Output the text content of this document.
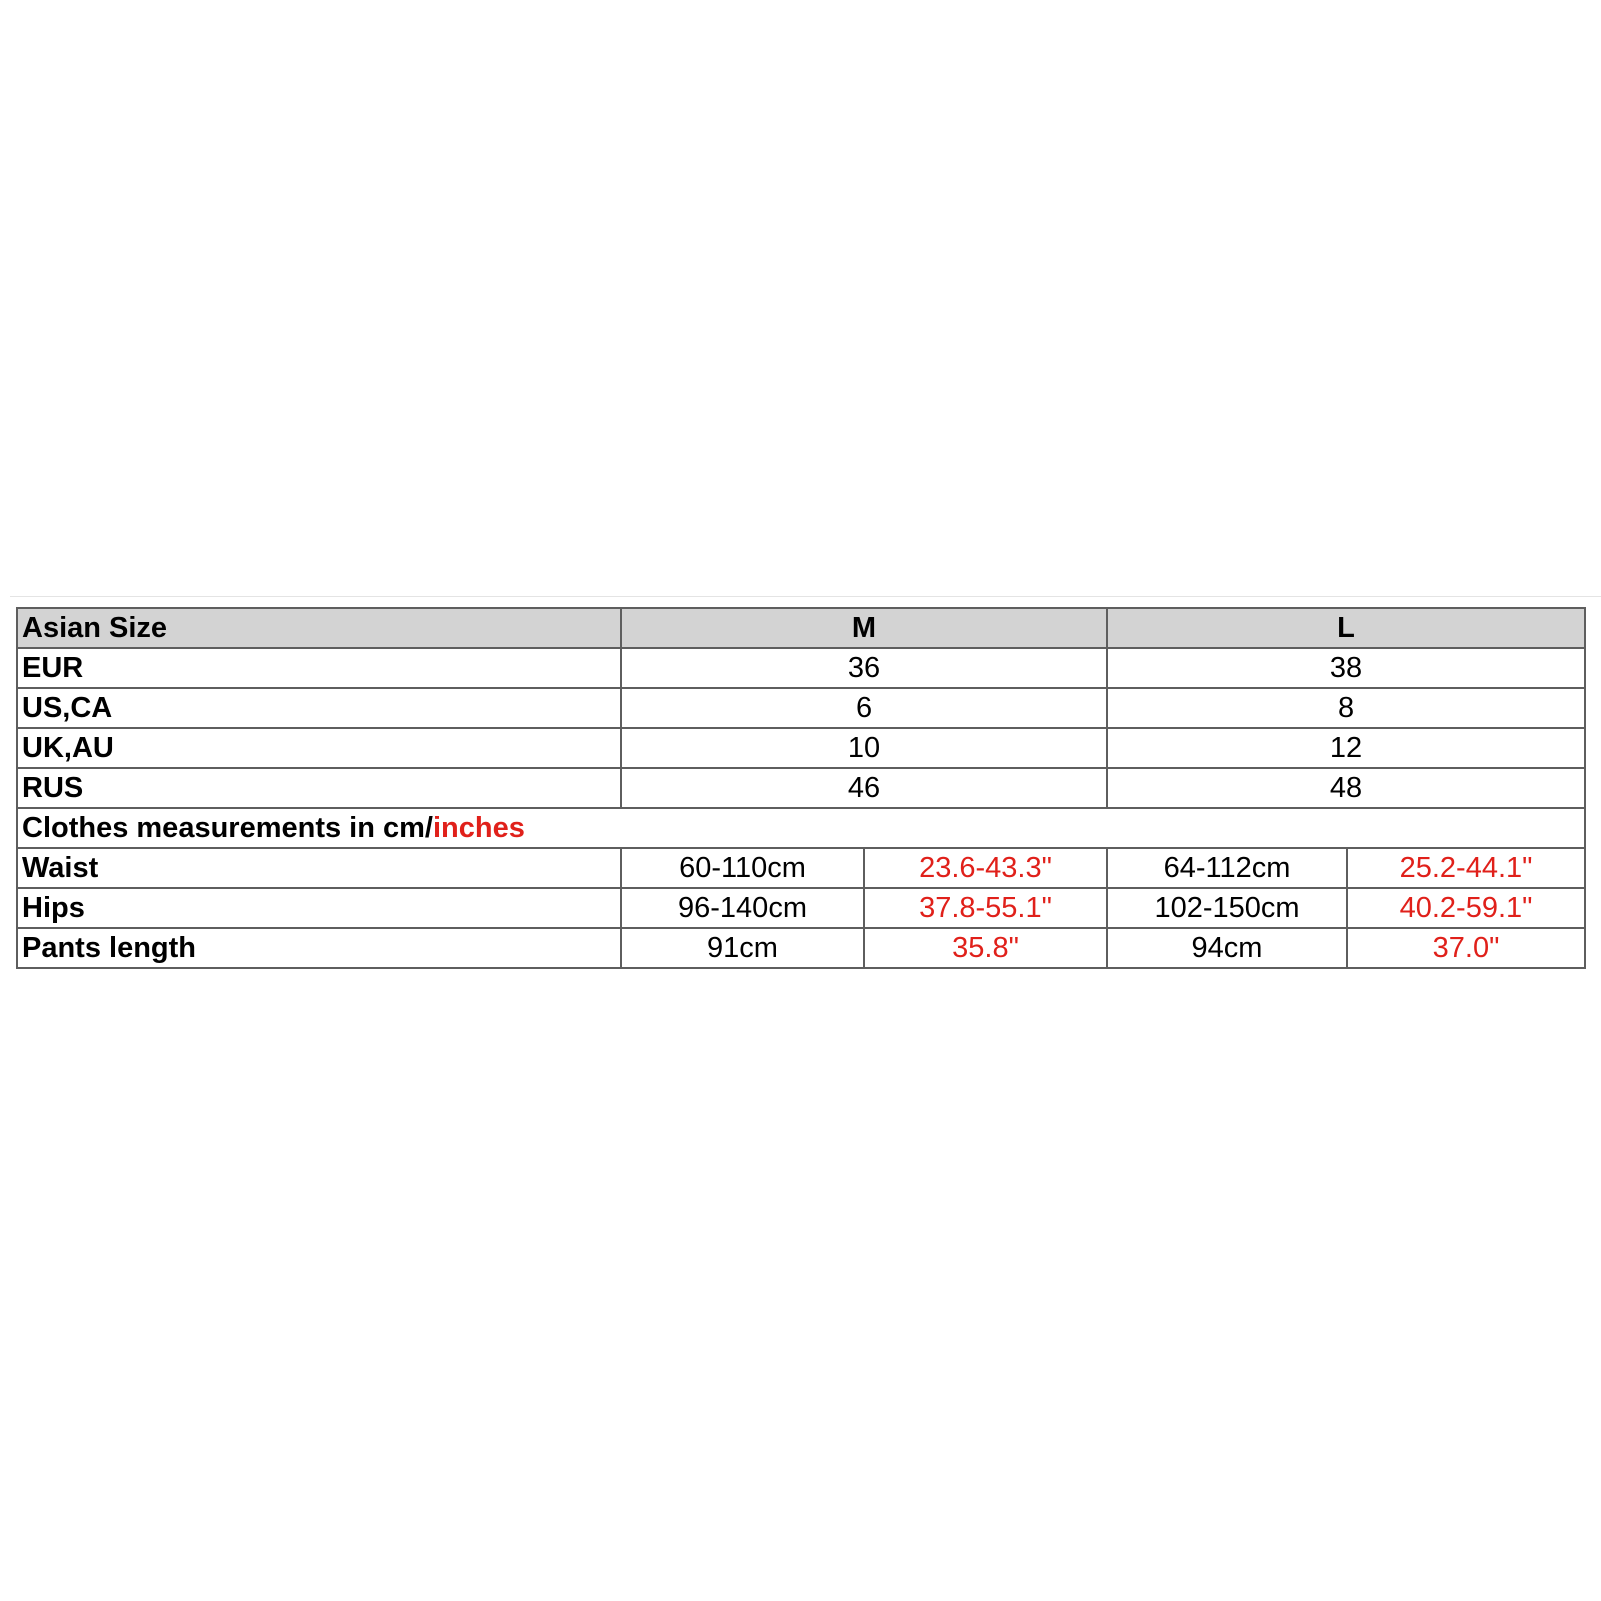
Asian Size	M		L	
EUR	36		38	
US,CA	6		8	
UK,AU	10		12	
RUS	46		48	
Clothes measurements in cm/inches				
Waist	60-110cm	23.6-43.3"	64-112cm	25.2-44.1"
Hips	96-140cm	37.8-55.1"	102-150cm	40.2-59.1"
Pants length	91cm	35.8"	94cm	37.0"
